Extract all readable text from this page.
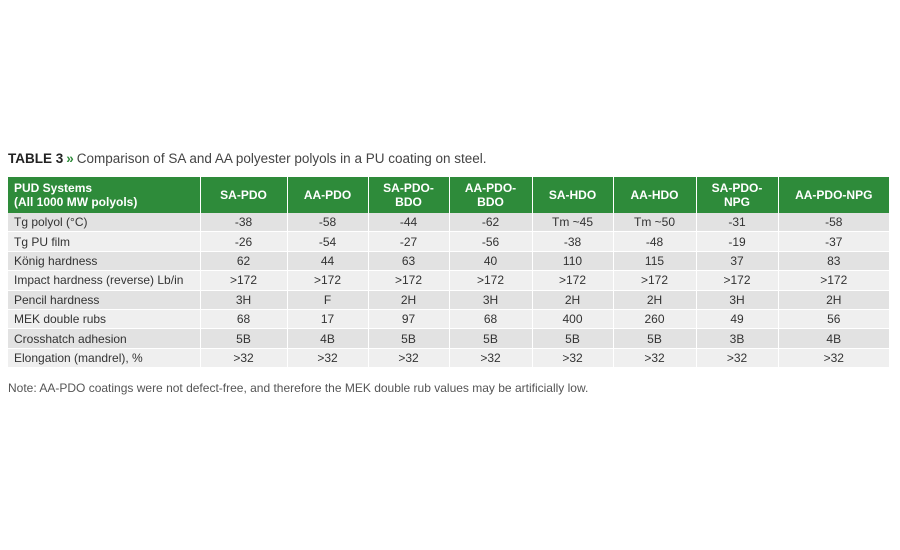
TABLE 3 » Comparison of SA and AA polyester polyols in a PU coating on steel.
PUD Systems
(All 1000 MW polyols)	SA-PDO	AA-PDO	SA-PDO-BDO	AA-PDO-BDO	SA-HDO	AA-HDO	SA-PDO-NPG	AA-PDO-NPG
Tg polyol (°C)	-38	-58	-44	-62	Tm ~45	Tm ~50	-31	-58
Tg PU film	-26	-54	-27	-56	-38	-48	-19	-37
König hardness	62	44	63	40	110	115	37	83
Impact hardness (reverse) Lb/in	>172	>172	>172	>172	>172	>172	>172	>172
Pencil hardness	3H	F	2H	3H	2H	2H	3H	2H
MEK double rubs	68	17	97	68	400	260	49	56
Crosshatch adhesion	5B	4B	5B	5B	5B	5B	3B	4B
Elongation (mandrel), %	>32	>32	>32	>32	>32	>32	>32	>32
Note: AA-PDO coatings were not defect-free, and therefore the MEK double rub values may be artificially low.
